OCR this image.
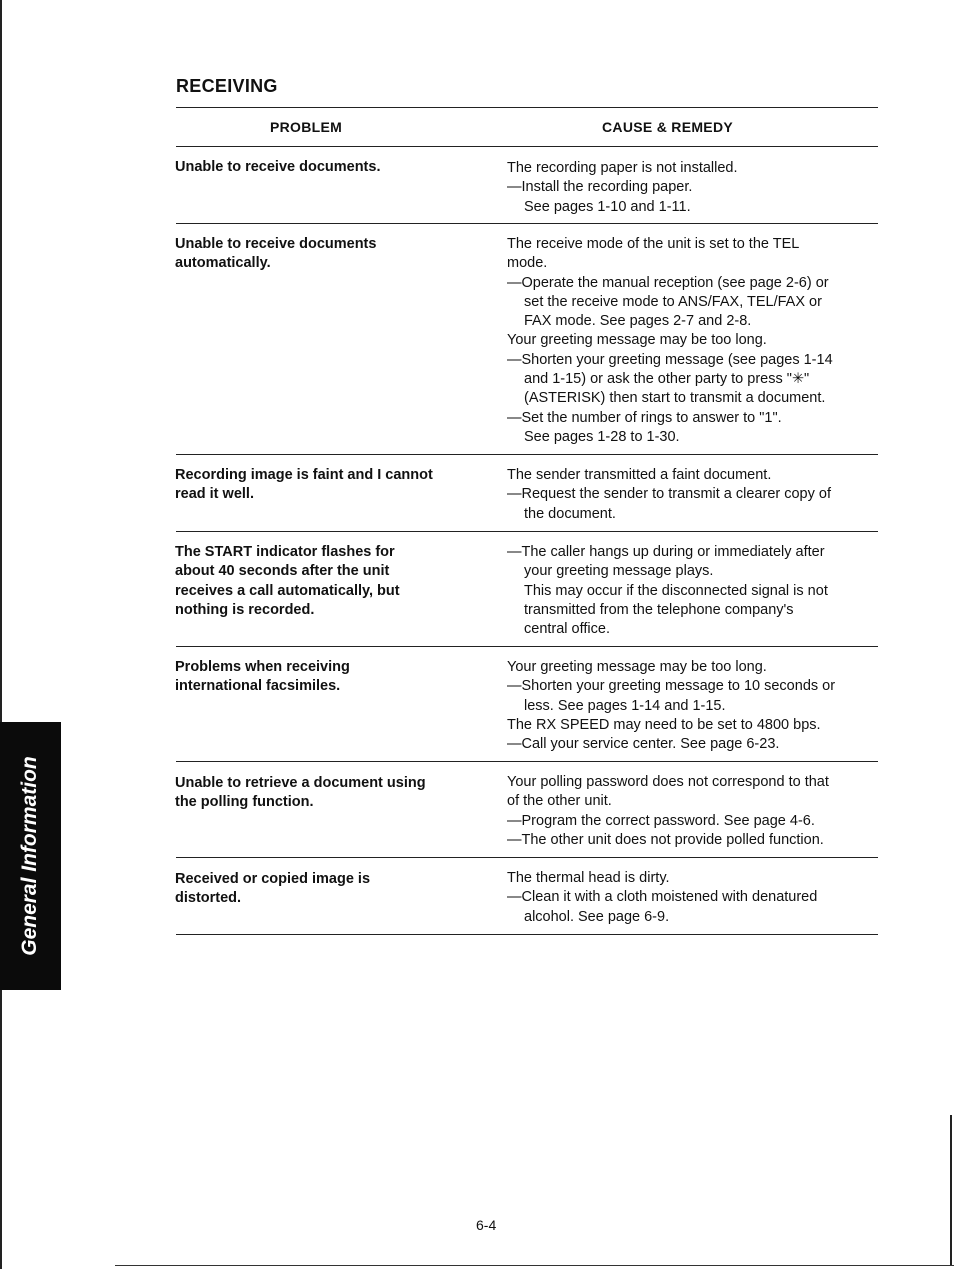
General Information
RECEIVING
PROBLEM	CAUSE & REMEDY
Unable to receive documents.	The recording paper is not installed.
—Install the recording paper.
See pages 1-10 and 1-11.
Unable to receive documents
automatically.
The receive mode of the unit is set to the TEL
mode.
—Operate the manual reception (see page 2-6) or
set the receive mode to ANS/FAX, TEL/FAX or
FAX mode. See pages 2-7 and 2-8.
Your greeting message may be too long.
—Shorten your greeting message (see pages 1-14
and 1-15) or ask the other party to press "✳"
(ASTERISK) then start to transmit a document.
—Set the number of rings to answer to "1".
See pages 1-28 to 1-30.
Recording image is faint and I cannot
read it well.
The sender transmitted a faint document.
—Request the sender to transmit a clearer copy of
the document.
The START indicator flashes for
about 40 seconds after the unit
receives a call automatically, but
nothing is recorded.
—The caller hangs up during or immediately after
your greeting message plays.
This may occur if the disconnected signal is not
transmitted from the telephone company's
central office.
Problems when receiving
international facsimiles.
Your greeting message may be too long.
—Shorten your greeting message to 10 seconds or
less. See pages 1-14 and 1-15.
The RX SPEED may need to be set to 4800 bps.
—Call your service center. See page 6-23.
Unable to retrieve a document using
the polling function.
Your polling password does not correspond to that
of the other unit.
—Program the correct password. See page 4-6.
—The other unit does not provide polled function.
Received or copied image is
distorted.
The thermal head is dirty.
—Clean it with a cloth moistened with denatured
alcohol. See page 6-9.
6-4
